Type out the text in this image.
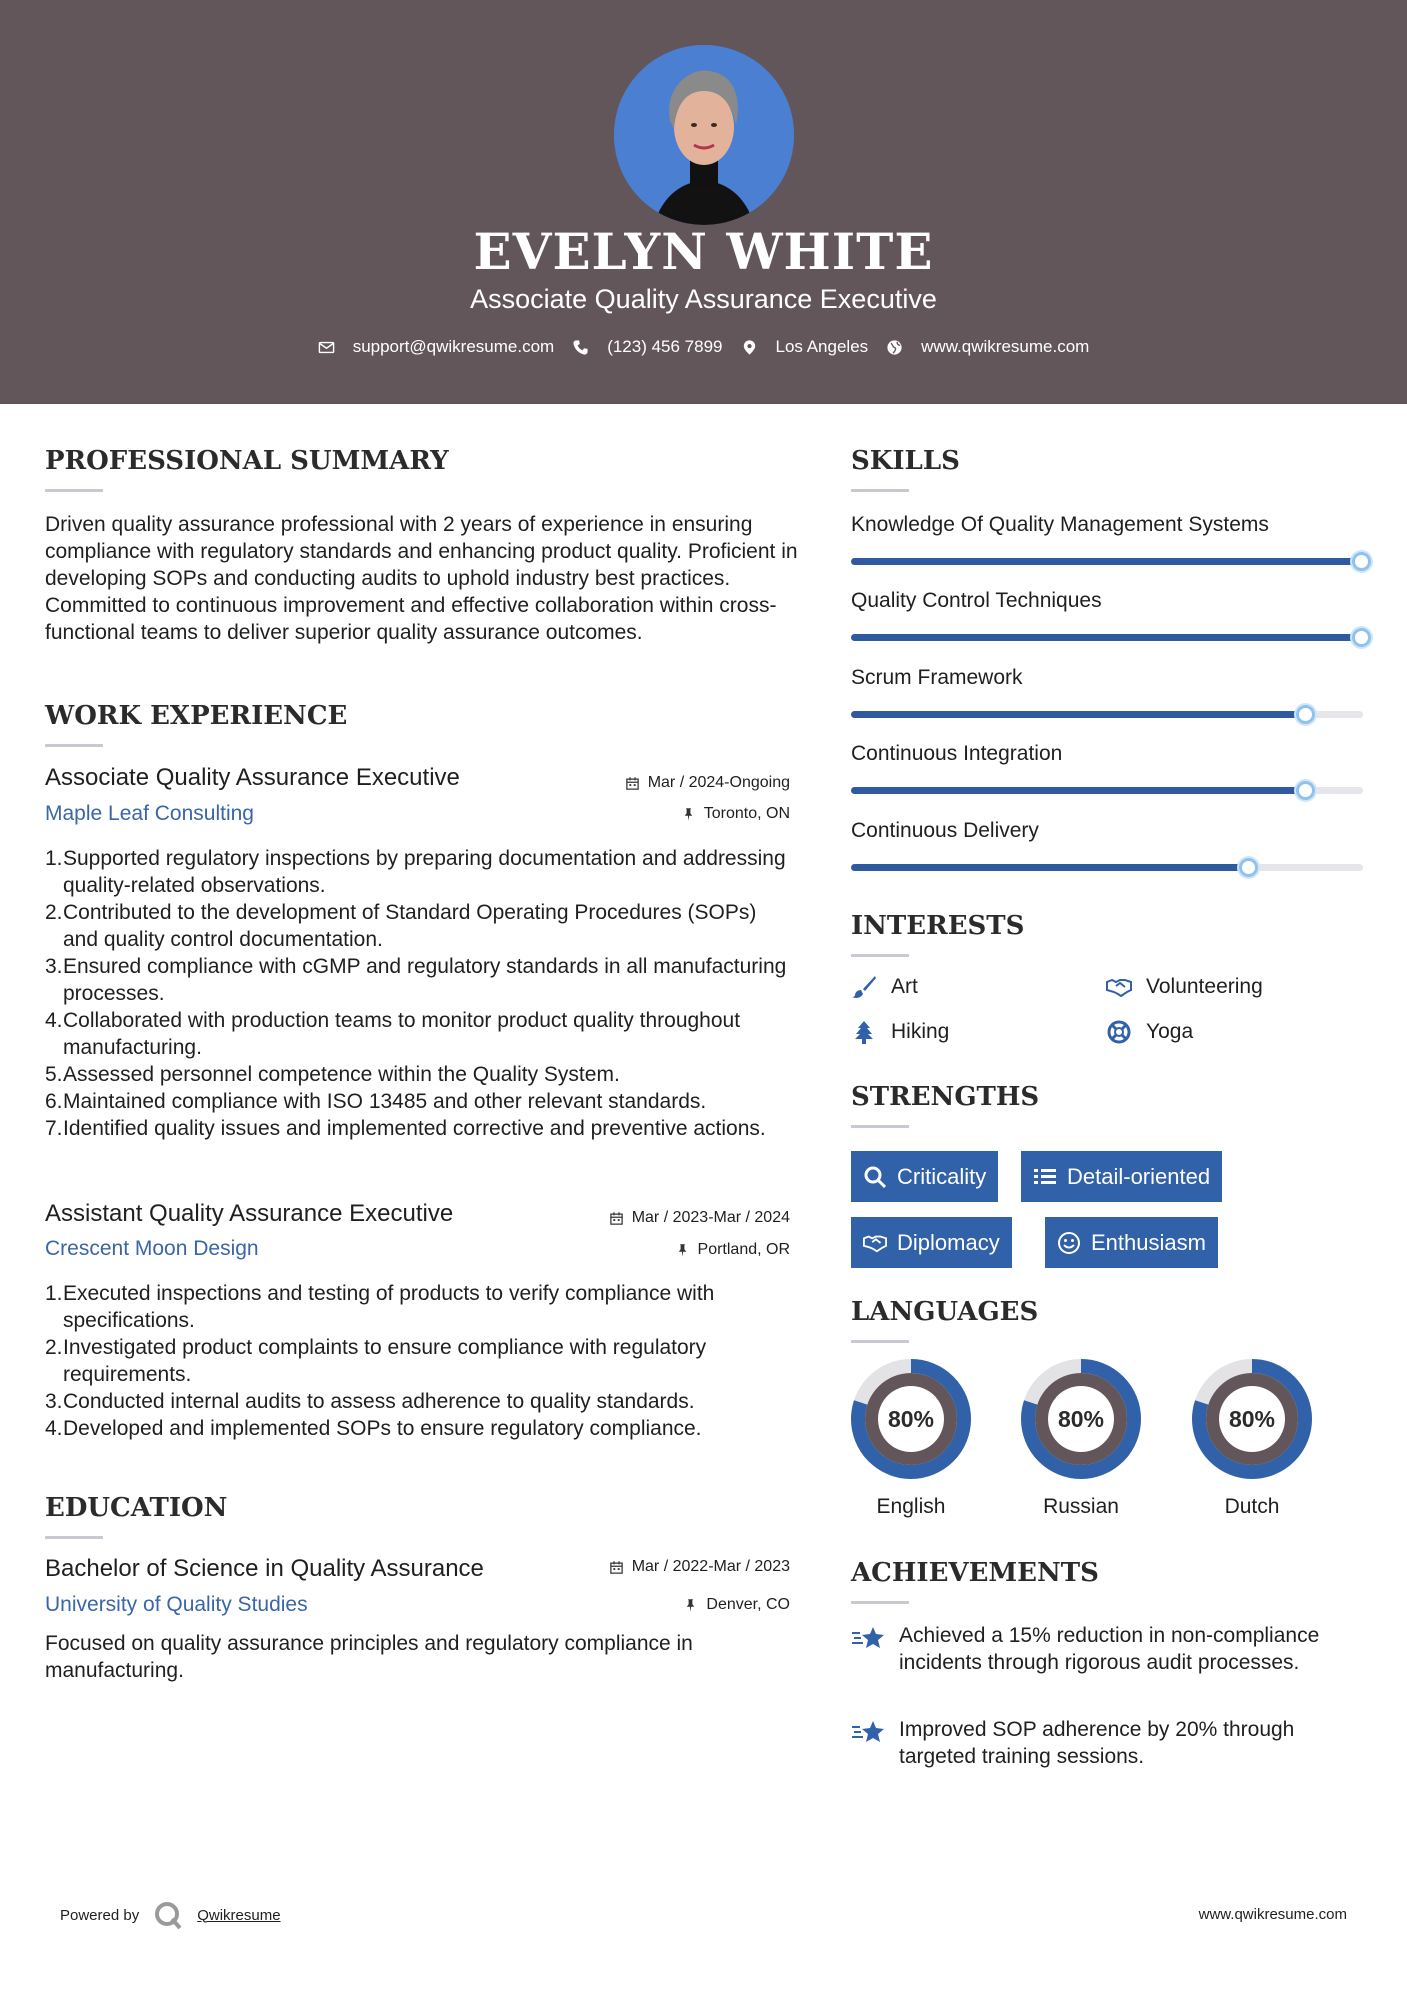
EVELYN WHITE
Associate Quality Assurance Executive
support@qwikresume.com	(123) 456 7899	Los Angeles	www.qwikresume.com
PROFESSIONAL SUMMARY
Driven quality assurance professional with 2 years of experience in ensuring compliance with regulatory standards and enhancing product quality. Proficient in developing SOPs and conducting audits to uphold industry best practices. Committed to continuous improvement and effective collaboration within cross-functional teams to deliver superior quality assurance outcomes.
WORK EXPERIENCE
Associate Quality Assurance Executive	Mar / 2024-Ongoing
Maple Leaf Consulting	Toronto, ON
1. Supported regulatory inspections by preparing documentation and addressing quality-related observations.
2. Contributed to the development of Standard Operating Procedures (SOPs) and quality control documentation.
3. Ensured compliance with cGMP and regulatory standards in all manufacturing processes.
4. Collaborated with production teams to monitor product quality throughout manufacturing.
5. Assessed personnel competence within the Quality System.
6. Maintained compliance with ISO 13485 and other relevant standards.
7. Identified quality issues and implemented corrective and preventive actions.
Assistant Quality Assurance Executive	Mar / 2023-Mar / 2024
Crescent Moon Design	Portland, OR
1. Executed inspections and testing of products to verify compliance with specifications.
2. Investigated product complaints to ensure compliance with regulatory requirements.
3. Conducted internal audits to assess adherence to quality standards.
4. Developed and implemented SOPs to ensure regulatory compliance.
EDUCATION
Bachelor of Science in Quality Assurance	Mar / 2022-Mar / 2023
University of Quality Studies	Denver, CO
Focused on quality assurance principles and regulatory compliance in manufacturing.
SKILLS
Knowledge Of Quality Management Systems
Quality Control Techniques
Scrum Framework
Continuous Integration
Continuous Delivery
INTERESTS
Art	Volunteering
Hiking	Yoga
STRENGTHS
Criticality	Detail-oriented
Diplomacy	Enthusiasm
LANGUAGES
80%
English
80%
Russian
80%
Dutch
ACHIEVEMENTS
Achieved a 15% reduction in non-compliance incidents through rigorous audit processes.
Improved SOP adherence by 20% through targeted training sessions.
Powered by	Qwikresume	www.qwikresume.com
